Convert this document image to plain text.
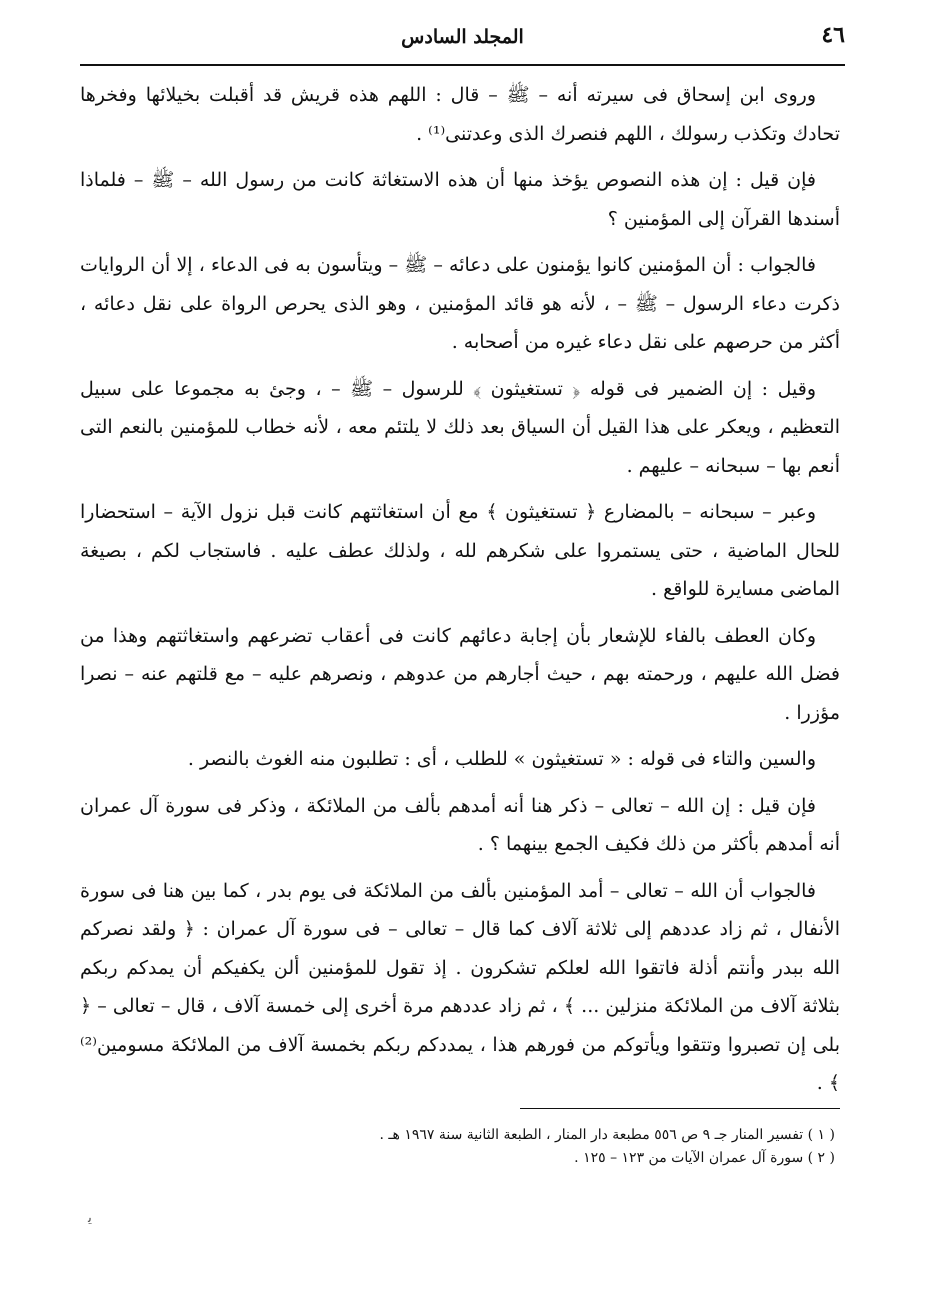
٤٦
المجلد السادس

وروى ابن إسحاق فى سيرته أنه – ﷺ – قال : اللهم هذه قريش قد أقبلت بخيلائها وفخرها تحادك وتكذب رسولك ، اللهم فنصرك الذى وعدتنى⁽¹⁾ .

فإن قيل : إن هذه النصوص يؤخذ منها أن هذه الاستغاثة كانت من رسول الله – ﷺ – فلماذا أسندها القرآن إلى المؤمنين ؟

فالجواب : أن المؤمنين كانوا يؤمنون على دعائه – ﷺ – ويتأسون به فى الدعاء ، إلا أن الروايات ذكرت دعاء الرسول – ﷺ – ، لأنه هو قائد المؤمنين ، وهو الذى يحرص الرواة على نقل دعائه ، أكثر من حرصهم على نقل دعاء غيره من أصحابه .

وقيل : إن الضمير فى قوله ﴿ تستغيثون ﴾ للرسول – ﷺ – ، وجئ به مجموعا على سبيل التعظيم ، ويعكر على هذا القيل أن السياق بعد ذلك لا يلتئم معه ، لأنه خطاب للمؤمنين بالنعم التى أنعم بها – سبحانه – عليهم .

وعبر – سبحانه – بالمضارع ﴿ تستغيثون ﴾ مع أن استغاثتهم كانت قبل نزول الآية – استحضارا للحال الماضية ، حتى يستمروا على شكرهم لله ، ولذلك عطف عليه . فاستجاب لكم ، بصيغة الماضى مسايرة للواقع .

وكان العطف بالفاء للإشعار بأن إجابة دعائهم كانت فى أعقاب تضرعهم واستغاثتهم وهذا من فضل الله عليهم ، ورحمته بهم ، حيث أجارهم من عدوهم ، ونصرهم عليه – مع قلتهم عنه – نصرا مؤزرا .

والسين والتاء فى قوله : « تستغيثون » للطلب ، أى : تطلبون منه الغوث بالنصر .

فإن قيل : إن الله – تعالى – ذكر هنا أنه أمدهم بألف من الملائكة ، وذكر فى سورة آل عمران أنه أمدهم بأكثر من ذلك فكيف الجمع بينهما ؟ .

فالجواب أن الله – تعالى – أمد المؤمنين بألف من الملائكة فى يوم بدر ، كما بين هنا فى سورة الأنفال ، ثم زاد عددهم إلى ثلاثة آلاف كما قال – تعالى – فى سورة آل عمران : ﴿ ولقد نصركم الله ببدر وأنتم أذلة فاتقوا الله لعلكم تشكرون . إذ تقول للمؤمنين ألن يكفيكم أن يمدكم ربكم بثلاثة آلاف من الملائكة منزلين ... ﴾ ، ثم زاد عددهم مرة أخرى إلى خمسة آلاف ، قال – تعالى – ﴿ بلى إن تصبروا وتتقوا ويأتوكم من فورهم هذا ، يمددكم ربكم بخمسة آلاف من الملائكة مسومين⁽²⁾ ﴾ .

( ١ ) تفسير المنار جـ ٩ ص ٥٥٦ مطبعة دار المنار ، الطبعة الثانية سنة ١٩٦٧ هـ .

( ٢ ) سورة آل عمران الآيات من ١٢٣ – ١٢٥ .

ﯾ
